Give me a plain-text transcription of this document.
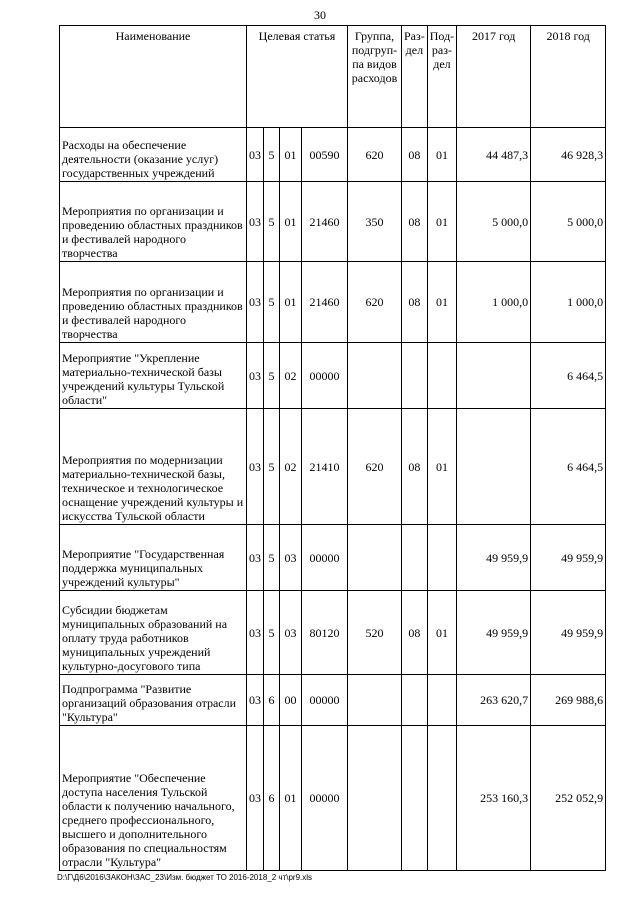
30
Наименование	Целевая статья				Группа, подгруп-па видов расходов	Раз-дел	Под-раз-дел	2017 год	2018 год
Расходы на обеспечение деятельности (оказание услуг) государственных учреждений	03	5	01	00590	620	08	01	44 487,3	46 928,3
Мероприятия по организации и проведению областных праздников и фестивалей народного творчества	03	5	01	21460	350	08	01	5 000,0	5 000,0
Мероприятия по организации и проведению областных праздников и фестивалей народного творчества	03	5	01	21460	620	08	01	1 000,0	1 000,0
Мероприятие "Укрепление материально-технической базы учреждений культуры Тульской области"	03	5	02	00000					6 464,5
Мероприятия по модернизации материально-технической базы, техническое и технологическое оснащение учреждений культуры и искусства Тульской области	03	5	02	21410	620	08	01		6 464,5
Мероприятие "Государственная поддержка муниципальных учреждений культуры"	03	5	03	00000				49 959,9	49 959,9
Субсидии бюджетам муниципальных образований на оплату труда работников муниципальных учреждений культурно-досугового типа	03	5	03	80120	520	08	01	49 959,9	49 959,9
Подпрограмма "Развитие организаций образования отрасли "Культура"	03	6	00	00000				263 620,7	269 988,6
Мероприятие "Обеспечение доступа населения Тульской области к получению начального, среднего профессионального, высшего и дополнительного образования по специальностям отрасли "Культура"	03	6	01	00000				253 160,3	252 052,9
D:\Г\Д6\2016\ЗАКОН\ЗАС_23\Изм. бюджет ТО 2016-2018_2 чт\pr9.xls
